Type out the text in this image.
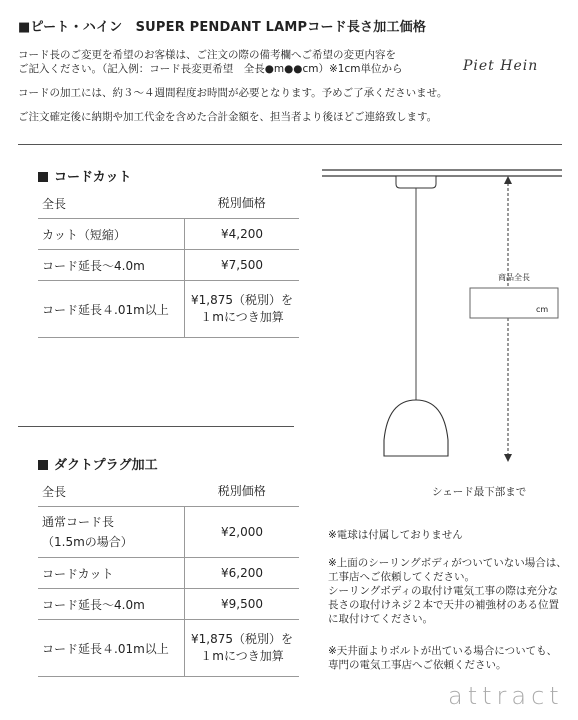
■ピート・ハイン　SUPER PENDANT LAMPコード長さ加工価格
コード長のご変更を希望のお客様は、ご注文の際の備考欄へご希望の変更内容を
ご記入ください。（記入例：コード長変更希望　全長●m●●cm）※1cm単位から
コードの加工には、約３～４週間程度お時間が必要となります。予めご了承くださいませ。
ご注文確定後に納期や加工代金を含めた合計金額を、担当者より後ほどご連絡致します。
Piet Hein
コードカット
全長	税別価格
カット（短縮）	¥4,200
コード延長～4.0m	¥7,500
コード延長４.01m以上	¥1,875（税別）を
１mにつき加算
ダクトプラグ加工
全長	税別価格

通常コード長
（1.5mの場合）	¥2,000
コードカット	¥6,200
コード延長～4.0m	¥9,500
コード延長４.01m以上	¥1,875（税別）を
１mにつき加算
商品全長
cm
シェード最下部まで
※電球は付属しておりません
※上面のシーリングボディがついていない場合は、
工事店へご依頼してください。
シーリングボディの取付け電気工事の際は充分な
長さの取付けネジ２本で天井の補強材のある位置
に取付けてください。
※天井面よりボルトが出ている場合についても、
専門の電気工事店へご依頼ください。
attract
